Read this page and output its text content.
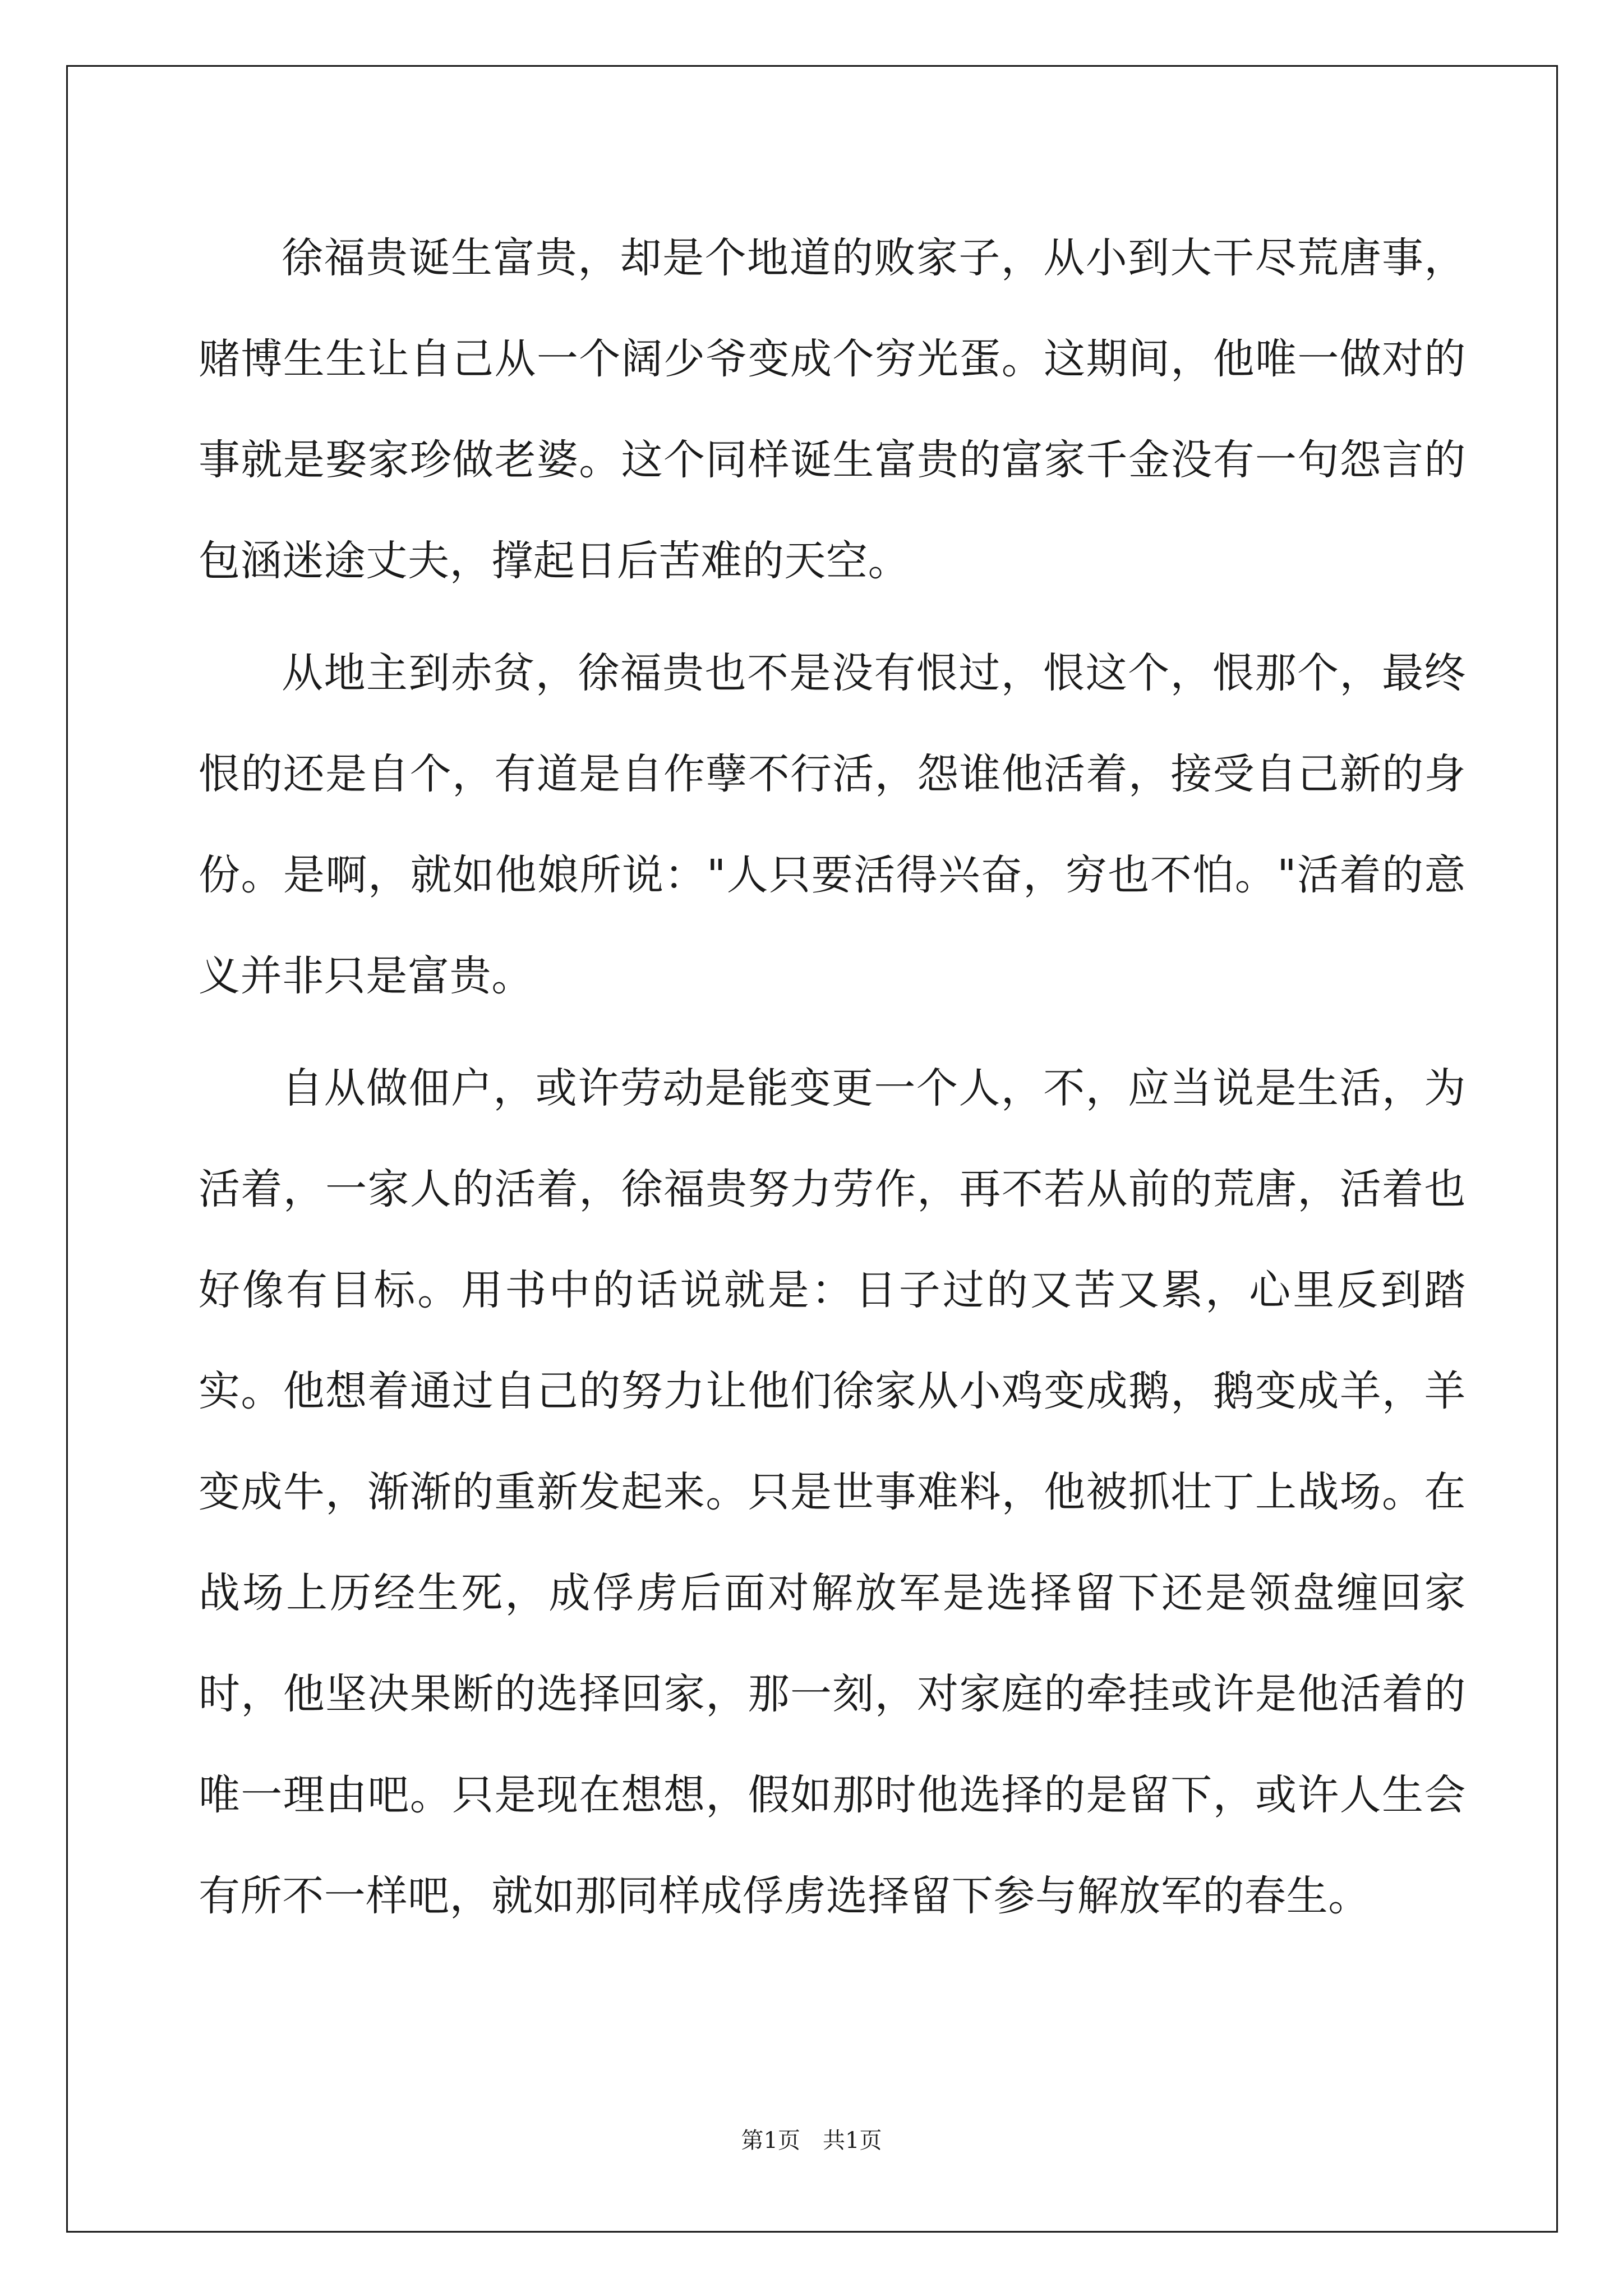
徐福贵诞生富贵，却是个地道的败家子，从小到大干尽荒唐事，赌博生生让自己从一个阔少爷变成个穷光蛋。这期间，他唯一做对的事就是娶家珍做老婆。这个同样诞生富贵的富家千金没有一句怨言的包涵迷途丈夫，撑起日后苦难的天空。

从地主到赤贫，徐福贵也不是没有恨过，恨这个，恨那个，最终恨的还是自个，有道是自作孽不行活，怨谁他活着，接受自己新的身份。是啊，就如他娘所说："人只要活得兴奋，穷也不怕。"活着的意义并非只是富贵。

自从做佃户，或许劳动是能变更一个人，不，应当说是生活，为活着，一家人的活着，徐福贵努力劳作，再不若从前的荒唐，活着也好像有目标。用书中的话说就是：日子过的又苦又累，心里反到踏实。他想着通过自己的努力让他们徐家从小鸡变成鹅，鹅变成羊，羊变成牛，渐渐的重新发起来。只是世事难料，他被抓壮丁上战场。在战场上历经生死，成俘虏后面对解放军是选择留下还是领盘缠回家时，他坚决果断的选择回家，那一刻，对家庭的牵挂或许是他活着的唯一理由吧。只是现在想想，假如那时他选择的是留下，或许人生会有所不一样吧，就如那同样成俘虏选择留下参与解放军的春生。

第1页 共1页
